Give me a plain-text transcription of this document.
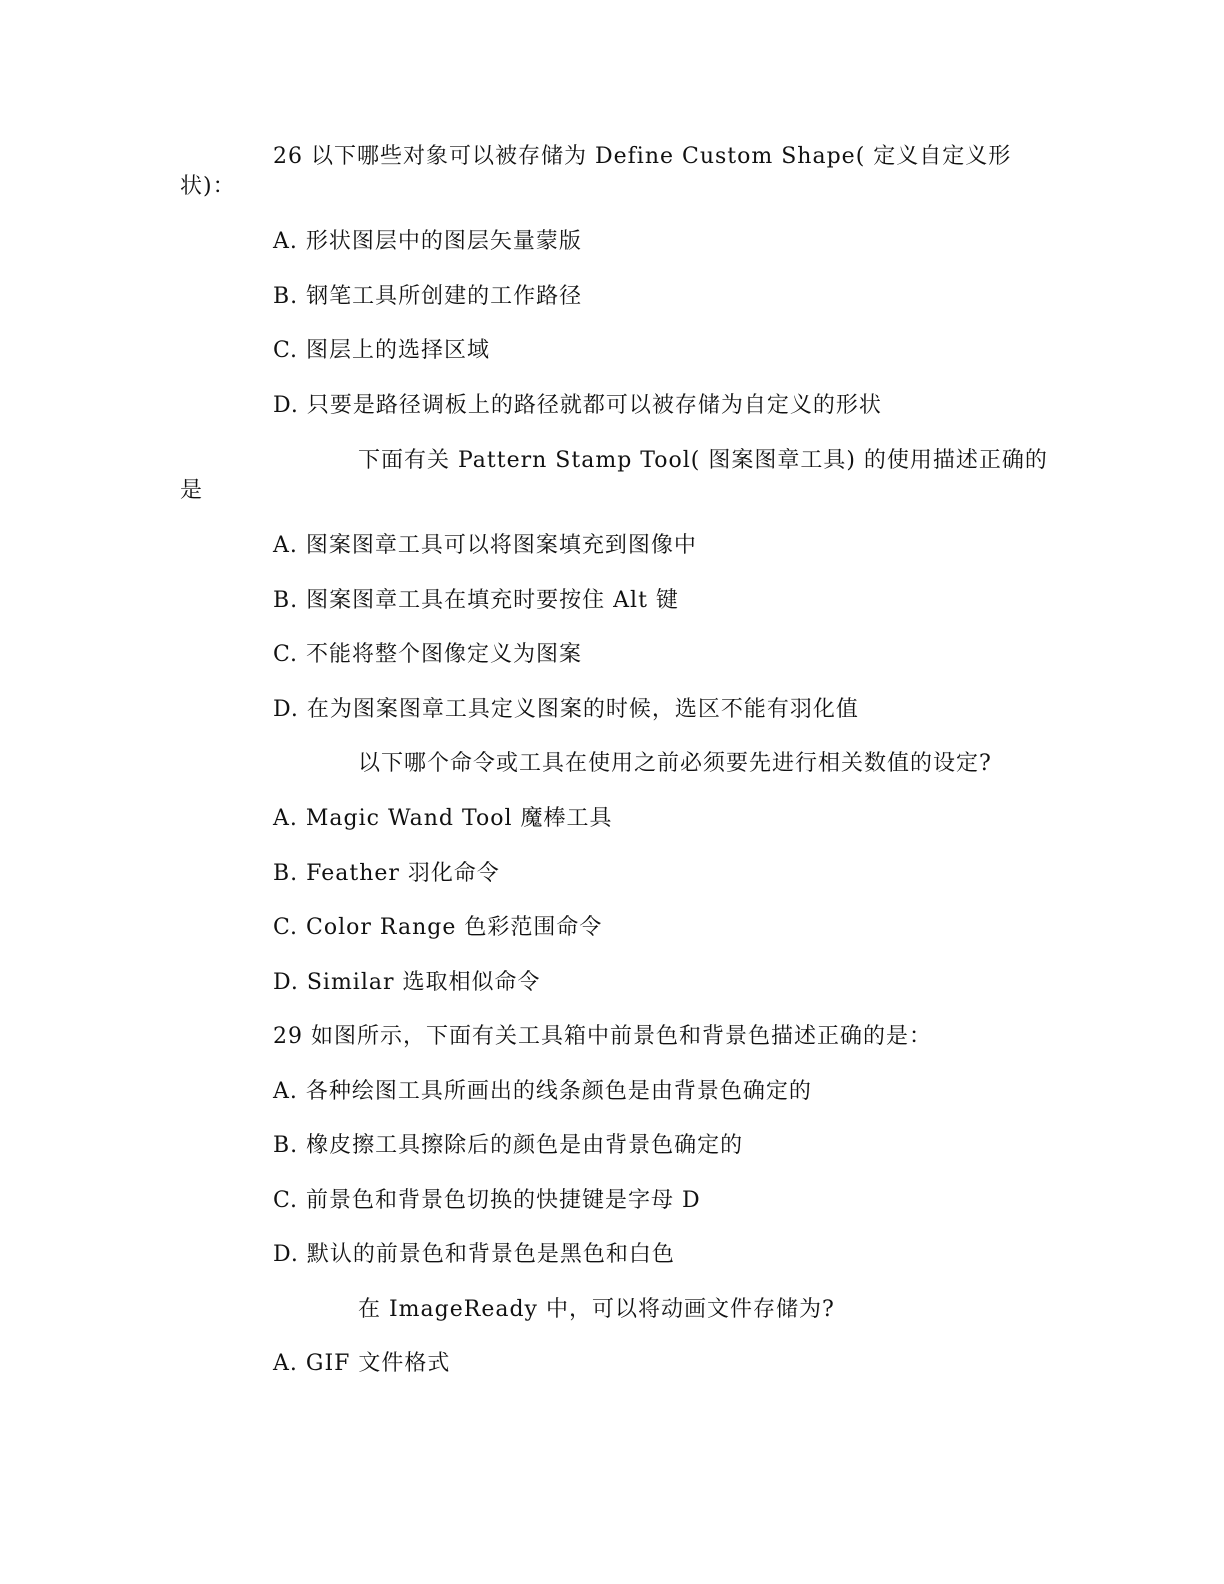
26 以下哪些对象可以被存储为 Define Custom Shape( 定义自定义形
状)：
A. 形状图层中的图层矢量蒙版
B. 钢笔工具所创建的工作路径
C. 图层上的选择区域
D. 只要是路径调板上的路径就都可以被存储为自定义的形状
下面有关 Pattern Stamp Tool( 图案图章工具) 的使用描述正确的
是
A. 图案图章工具可以将图案填充到图像中
B. 图案图章工具在填充时要按住 Alt 键
C. 不能将整个图像定义为图案
D. 在为图案图章工具定义图案的时候，选区不能有羽化值
以下哪个命令或工具在使用之前必须要先进行相关数值的设定?
A. Magic Wand Tool 魔棒工具
B. Feather 羽化命令
C. Color Range 色彩范围命令
D. Similar 选取相似命令
29 如图所示，下面有关工具箱中前景色和背景色描述正确的是：
A. 各种绘图工具所画出的线条颜色是由背景色确定的
B. 橡皮擦工具擦除后的颜色是由背景色确定的
C. 前景色和背景色切换的快捷键是字母 D
D. 默认的前景色和背景色是黑色和白色
在 ImageReady 中，可以将动画文件存储为?
A. GIF 文件格式
